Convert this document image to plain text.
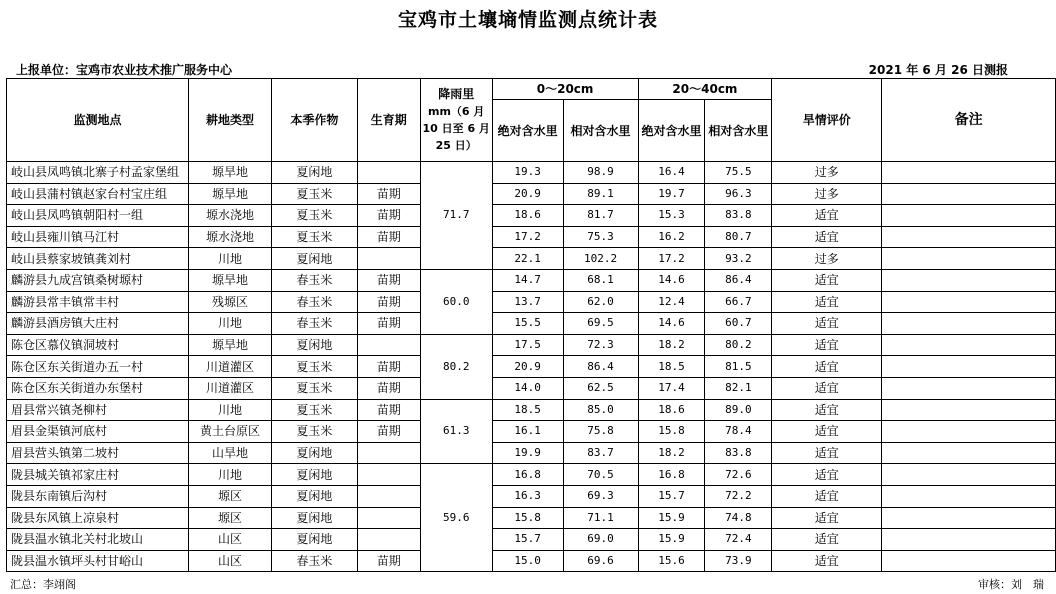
宝鸡市土壤墒情监测点统计表
上报单位：宝鸡市农业技术推广服务中心	2021 年 6 月 26 日测报
监测地点	耕地类型	本季作物	生育期	降雨里
mm（6 月 10 日至 6 月 25 日）	0～20cm		20～40cm		旱情评价	备注
					绝对含水里	相对含水里	绝对含水里	相对含水里		
岐山县凤鸣镇北寨子村孟家堡组	塬旱地	夏闲地		71.7	19.3	98.9	16.4	75.5	过多	
岐山县蒲村镇赵家台村宝庄组	塬旱地	夏玉米	苗期		20.9	89.1	19.7	96.3	过多	
岐山县凤鸣镇朝阳村一组	塬水浇地	夏玉米	苗期		18.6	81.7	15.3	83.8	适宜	
岐山县雍川镇马江村	塬水浇地	夏玉米	苗期		17.2	75.3	16.2	80.7	适宜	
岐山县蔡家坡镇龚刘村	川地	夏闲地			22.1	102.2	17.2	93.2	过多	
麟游县九成宫镇桑树塬村	塬旱地	春玉米	苗期	60.0	14.7	68.1	14.6	86.4	适宜	
麟游县常丰镇常丰村	残塬区	春玉米	苗期		13.7	62.0	12.4	66.7	适宜	
麟游县酒房镇大庄村	川地	春玉米	苗期		15.5	69.5	14.6	60.7	适宜	
陈仓区慕仪镇洞坡村	塬旱地	夏闲地		80.2	17.5	72.3	18.2	80.2	适宜	
陈仓区东关街道办五一村	川道灌区	夏玉米	苗期		20.9	86.4	18.5	81.5	适宜	
陈仓区东关街道办东堡村	川道灌区	夏玉米	苗期		14.0	62.5	17.4	82.1	适宜	
眉县常兴镇尧柳村	川地	夏玉米	苗期	61.3	18.5	85.0	18.6	89.0	适宜	
眉县金渠镇河底村	黄土台原区	夏玉米	苗期		16.1	75.8	15.8	78.4	适宜	
眉县营头镇第二坡村	山旱地	夏闲地			19.9	83.7	18.2	83.8	适宜	
陇县城关镇祁家庄村	川地	夏闲地		59.6	16.8	70.5	16.8	72.6	适宜	
陇县东南镇后沟村	塬区	夏闲地			16.3	69.3	15.7	72.2	适宜	
陇县东风镇上凉泉村	塬区	夏闲地			15.8	71.1	15.9	74.8	适宜	
陇县温水镇北关村北坡山	山区	夏闲地			15.7	69.0	15.9	72.4	适宜	
陇县温水镇坪头村甘峪山	山区	春玉米	苗期		15.0	69.6	15.6	73.9	适宜	
汇总：李翊阁	审核：刘　瑞
